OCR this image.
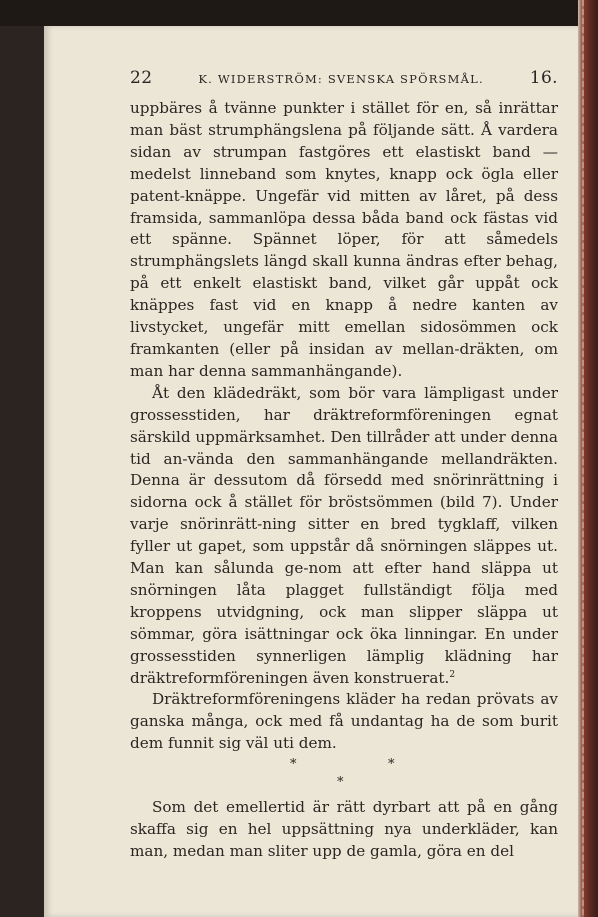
22	K. WIDERSTRÖM: SVENSKA SPÖRSMÅL.	16.

uppbäres å tvänne punkter i stället för en, så inrättar man bäst strumphängslena på följande sätt. Å vardera sidan av strumpan fastgöres ett elastiskt band — medelst linneband som knytes, knapp ock ögla eller patent-knäppe. Ungefär vid mitten av låret, på dess framsida, sammanlöpa dessa båda band ock fästas vid ett spänne. Spännet löper, för att såmedels strumphängslets längd skall kunna ändras efter behag, på ett enkelt elastiskt band, vilket går uppåt ock knäppes fast vid en knapp å nedre kanten av livstycket, ungefär mitt emellan sidosömmen ock framkanten (eller på insidan av mellan-dräkten, om man har denna sammanhängande).

Åt den klädedräkt, som bör vara lämpligast under grossesstiden, har dräktreformföreningen egnat särskild uppmärksamhet. Den tillråder att under denna tid an-vända den sammanhängande mellandräkten. Denna är dessutom då försedd med snörinrättning i sidorna ock å stället för bröstsömmen (bild 7). Under varje snörinrätt-ning sitter en bred tygklaff, vilken fyller ut gapet, som uppstår då snörningen släppes ut. Man kan sålunda ge-nom att efter hand släppa ut snörningen låta plagget fullständigt följa med kroppens utvidgning, ock man slipper släppa ut sömmar, göra isättningar ock öka linningar. En under grossesstiden synnerligen lämplig klädning har dräktreformföreningen även konstruerat.$^2$

Dräktreformföreningens kläder ha redan prövats av ganska många, ock med få undantag ha de som burit dem funnit sig väl uti dem.

*	*
*

Som det emellertid är rätt dyrbart att på en gång skaffa sig en hel uppsättning nya underkläder, kan man, medan man sliter upp de gamla, göra en del
